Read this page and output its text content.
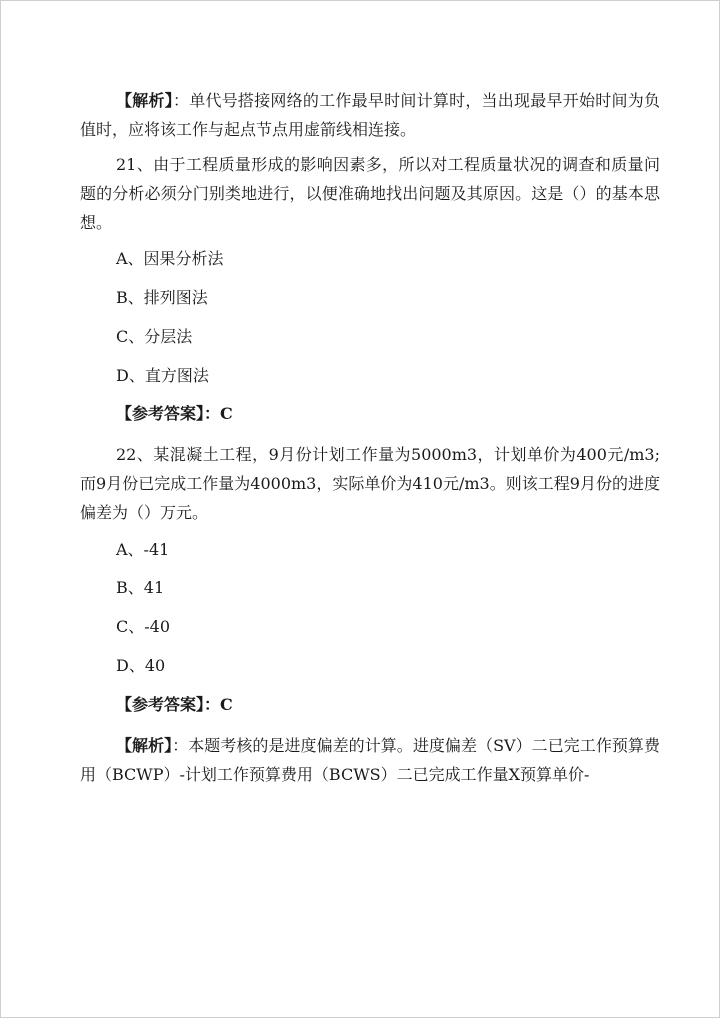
【解析】：单代号搭接网络的工作最早时间计算时，当出现最早开始时间为负值时，应将该工作与起点节点用虚箭线相连接。

21、由于工程质量形成的影响因素多，所以对工程质量状况的调查和质量问题的分析必须分门别类地进行，以便准确地找出问题及其原因。这是（）的基本思想。

A、因果分析法
B、排列图法
C、分层法
D、直方图法
【参考答案】：C

22、某混凝土工程，9月份计划工作量为5000m3，计划单价为400元/m3;而9月份已完成工作量为4000m3，实际单价为410元/m3。则该工程9月份的进度偏差为（）万元。

A、-41
B、41
C、-40
D、40
【参考答案】：C

【解析】：本题考核的是进度偏差的计算。进度偏差（SV）二已完工作预算费用（BCWP）-计划工作预算费用（BCWS）二已完成工作量X预算单价-
